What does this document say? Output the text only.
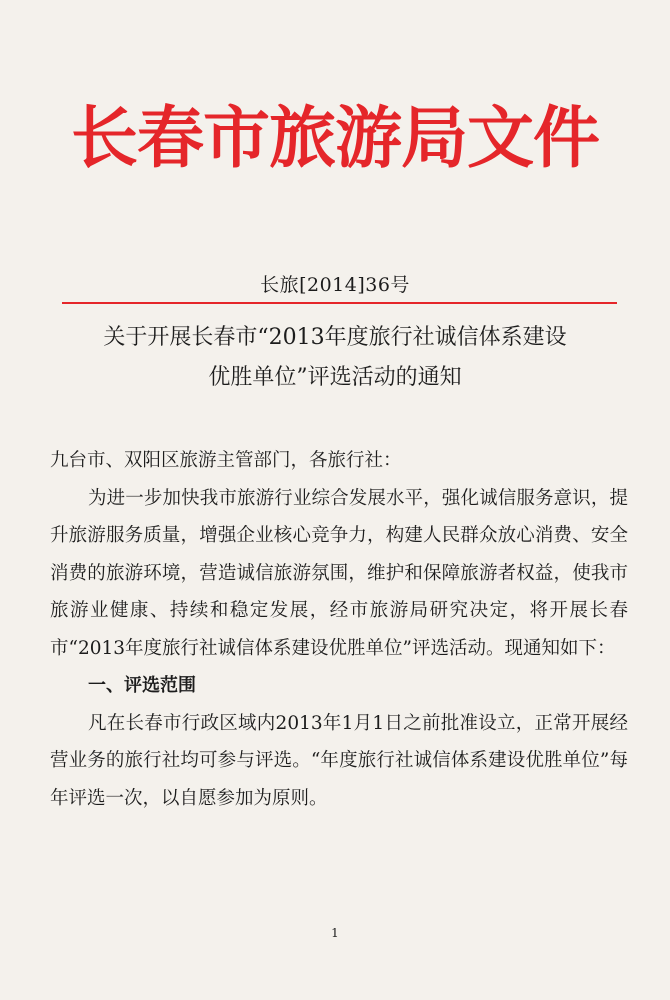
长春市旅游局文件
长旅[2014]36号
关于开展长春市“2013年度旅行社诚信体系建设
优胜单位”评选活动的通知

九台市、双阳区旅游主管部门，各旅行社：

为进一步加快我市旅游行业综合发展水平，强化诚信服务意识，提升旅游服务质量，增强企业核心竞争力，构建人民群众放心消费、安全消费的旅游环境，营造诚信旅游氛围，维护和保障旅游者权益，使我市旅游业健康、持续和稳定发展，经市旅游局研究决定，将开展长春市“2013年度旅行社诚信体系建设优胜单位”评选活动。现通知如下：

一、评选范围

凡在长春市行政区域内2013年1月1日之前批准设立，正常开展经营业务的旅行社均可参与评选。“年度旅行社诚信体系建设优胜单位”每年评选一次，以自愿参加为原则。

1
